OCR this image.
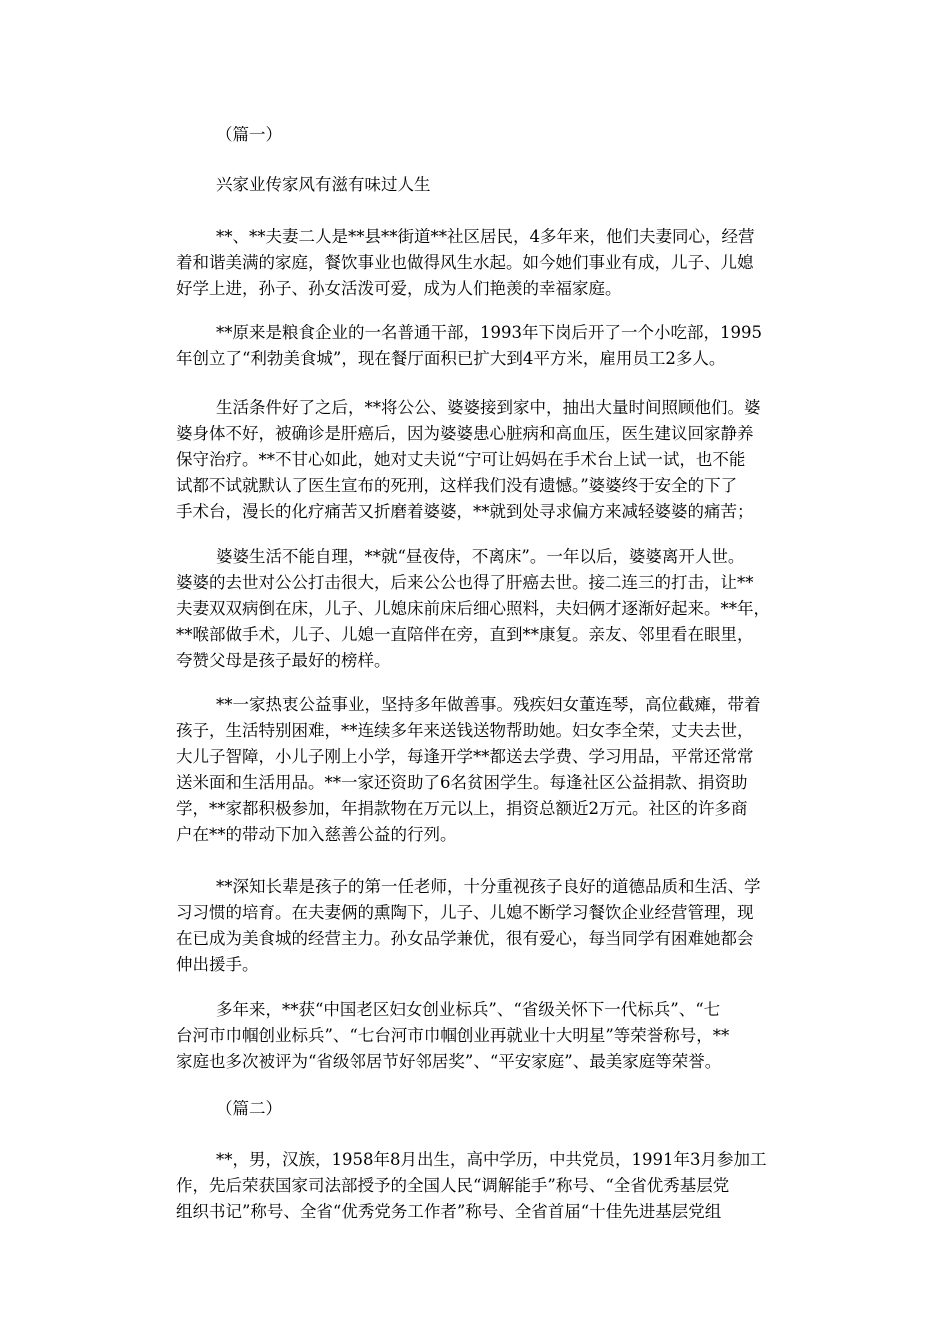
（篇一）
兴家业传家风有滋有味过人生
**、**夫妻二人是**县**街道**社区居民，4多年来，他们夫妻同心，经营
着和谐美满的家庭，餐饮事业也做得风生水起。如今她们事业有成，儿子、儿媳
好学上进，孙子、孙女活泼可爱，成为人们艳羡的幸福家庭。
**原来是粮食企业的一名普通干部，1993年下岗后开了一个小吃部，1995
年创立了“利勃美食城”，现在餐厅面积已扩大到4平方米，雇用员工2多人。
生活条件好了之后，**将公公、婆婆接到家中，抽出大量时间照顾他们。婆
婆身体不好，被确诊是肝癌后，因为婆婆患心脏病和高血压，医生建议回家静养
保守治疗。**不甘心如此，她对丈夫说“宁可让妈妈在手术台上试一试，也不能
试都不试就默认了医生宣布的死刑，这样我们没有遗憾。”婆婆终于安全的下了
手术台，漫长的化疗痛苦又折磨着婆婆，**就到处寻求偏方来减轻婆婆的痛苦；
婆婆生活不能自理，**就“昼夜侍，不离床”。一年以后，婆婆离开人世。
婆婆的去世对公公打击很大，后来公公也得了肝癌去世。接二连三的打击，让**
夫妻双双病倒在床，儿子、儿媳床前床后细心照料，夫妇俩才逐渐好起来。**年，
**喉部做手术，儿子、儿媳一直陪伴在旁，直到**康复。亲友、邻里看在眼里，
夸赞父母是孩子最好的榜样。
**一家热衷公益事业，坚持多年做善事。残疾妇女董连琴，高位截瘫，带着
孩子，生活特别困难，**连续多年来送钱送物帮助她。妇女李全荣，丈夫去世，
大儿子智障，小儿子刚上小学，每逢开学**都送去学费、学习用品，平常还常常
送米面和生活用品。**一家还资助了6名贫困学生。每逢社区公益捐款、捐资助
学，**家都积极参加，年捐款物在万元以上，捐资总额近2万元。社区的许多商
户在**的带动下加入慈善公益的行列。
**深知长辈是孩子的第一任老师，十分重视孩子良好的道德品质和生活、学
习习惯的培育。在夫妻俩的熏陶下，儿子、儿媳不断学习餐饮企业经营管理，现
在已成为美食城的经营主力。孙女品学兼优，很有爱心，每当同学有困难她都会
伸出援手。
多年来，**获“中国老区妇女创业标兵”、“省级关怀下一代标兵”、“七
台河市巾帼创业标兵”、“七台河市巾帼创业再就业十大明星”等荣誉称号，**
家庭也多次被评为“省级邻居节好邻居奖”、“平安家庭”、最美家庭等荣誉。
（篇二）
**，男，汉族，1958年8月出生，高中学历，中共党员，1991年3月参加工
作，先后荣获国家司法部授予的全国人民“调解能手”称号、“全省优秀基层党
组织书记”称号、全省“优秀党务工作者”称号、全省首届“十佳先进基层党组
